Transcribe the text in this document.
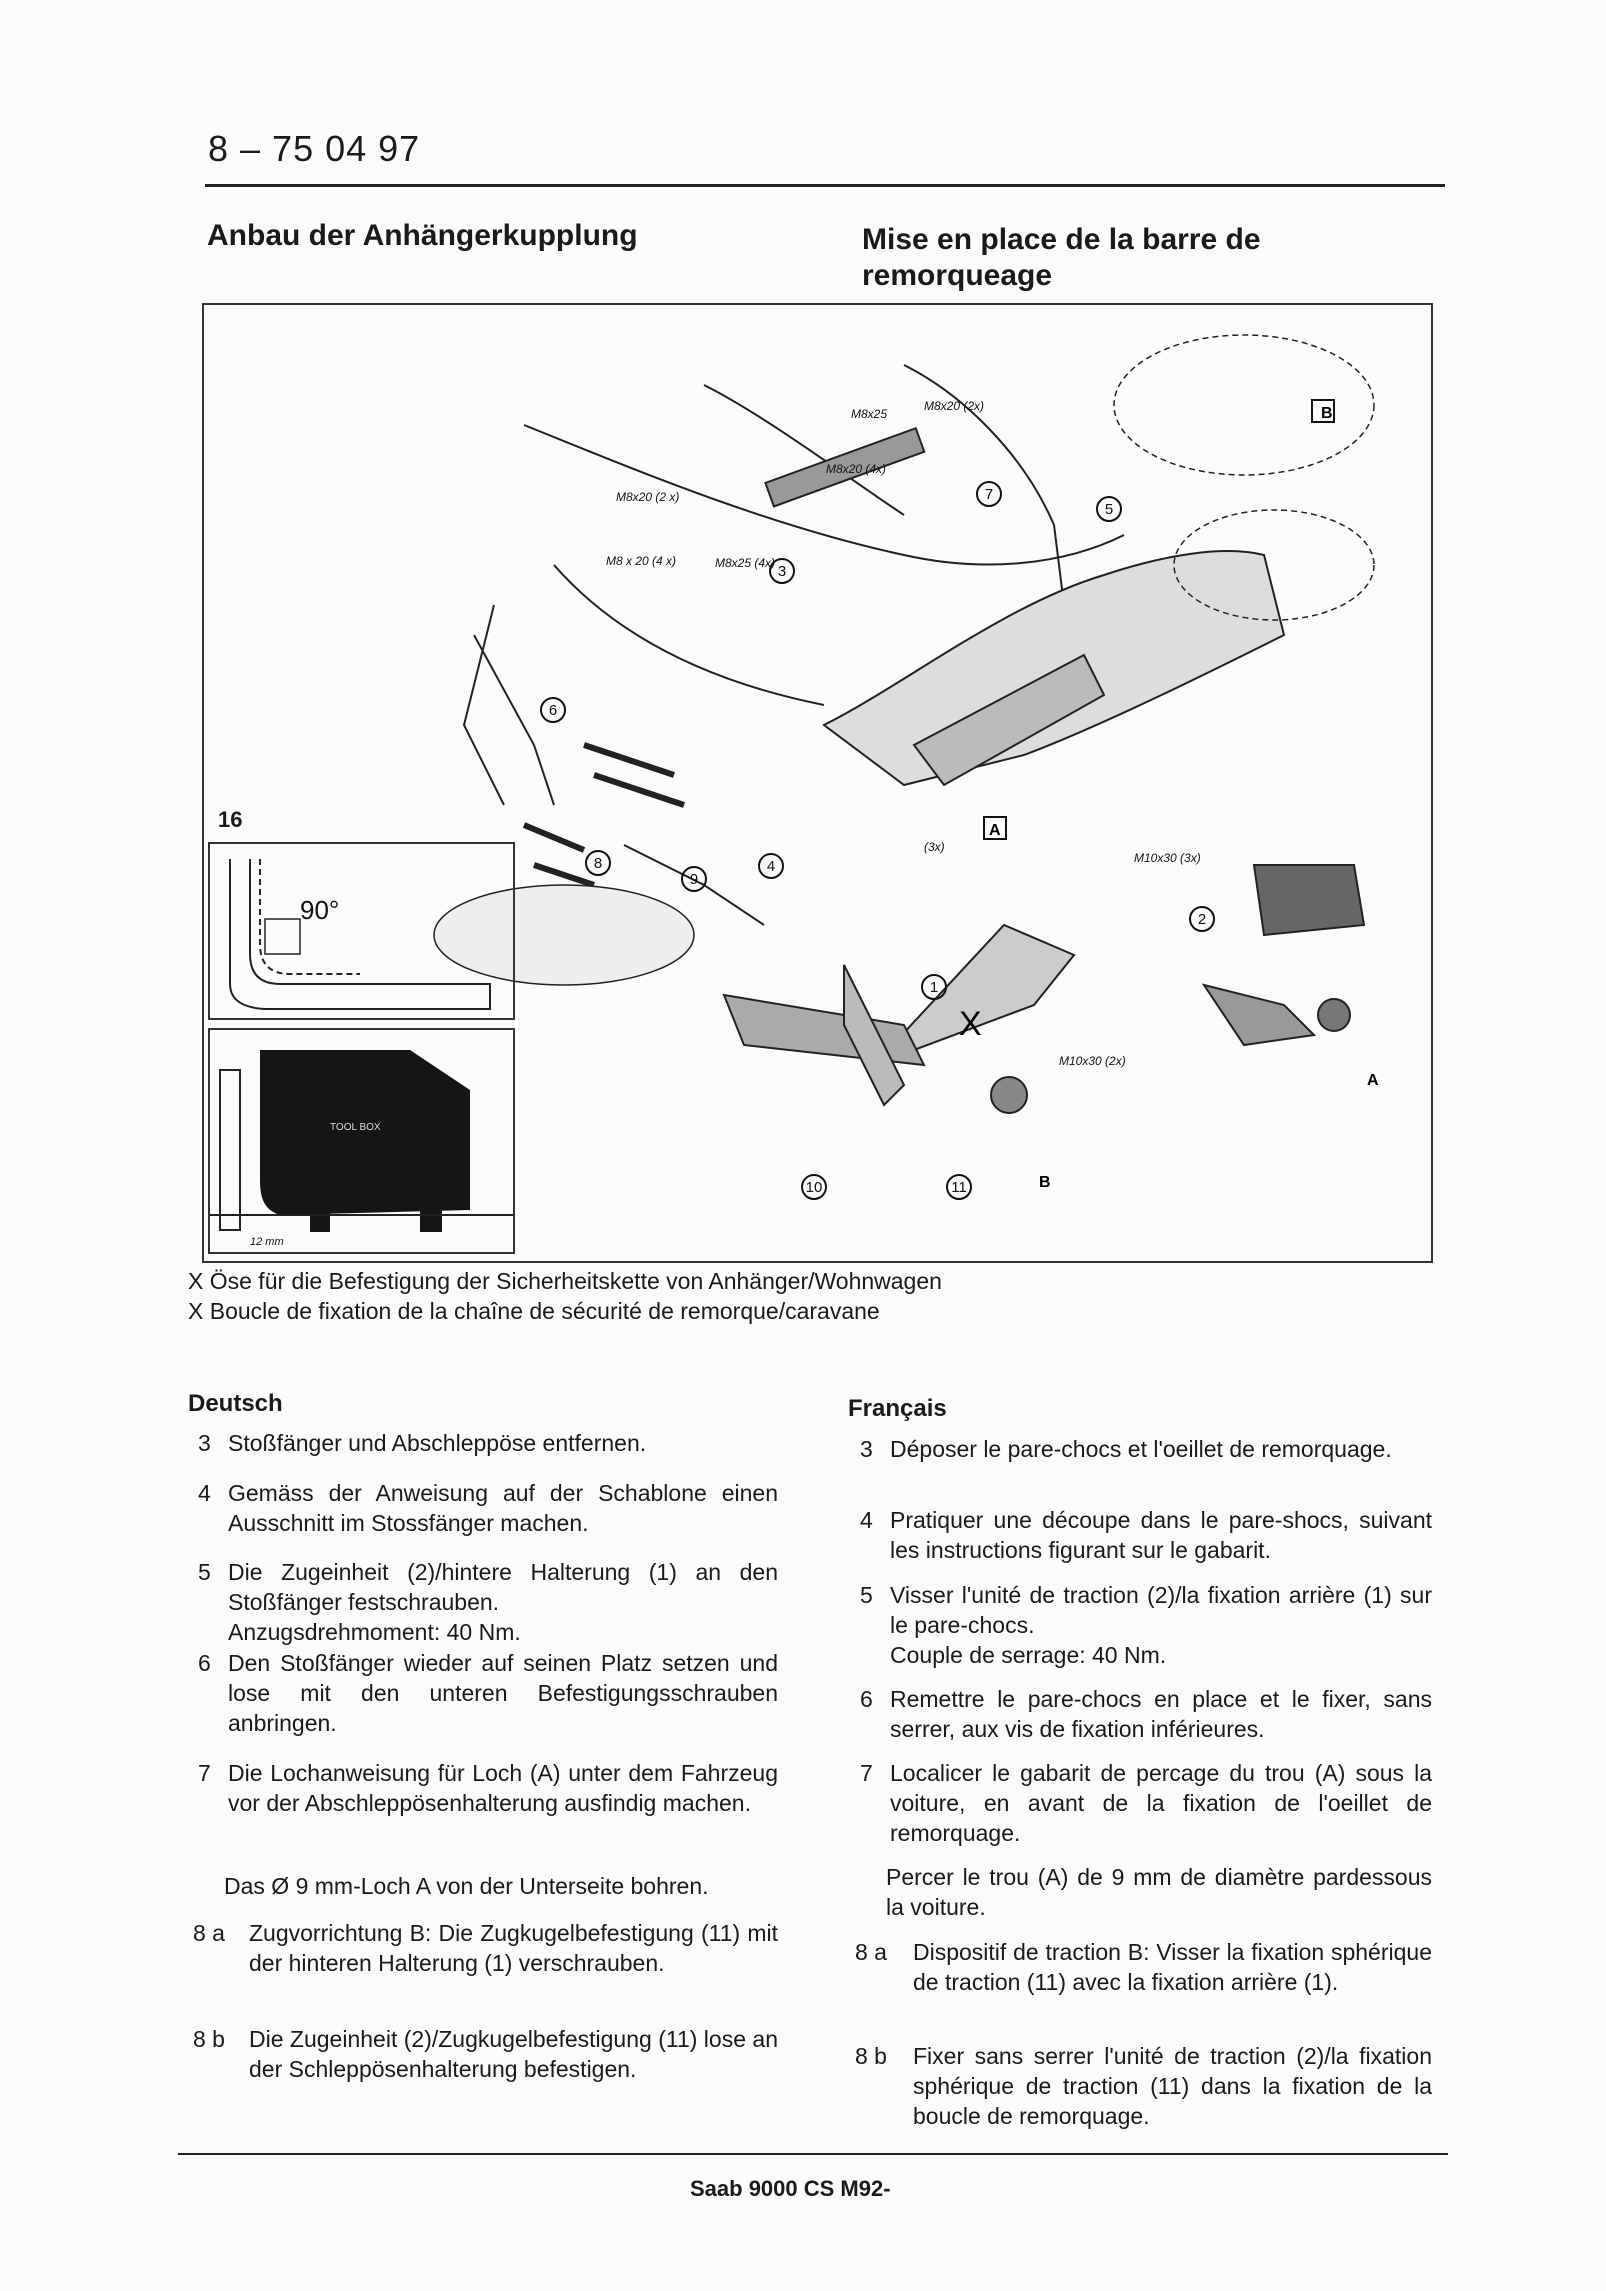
8 – 75 04 97
Anbau der Anhängerkupplung	Mise en place de la barre de remorqueage
M8x25
M8x20 (2x)
M8x20 (4x)
M8x20 (2 x)
M8 x 20 (4 x)	M8x25 (4x)
M10x30 (3x)
M10x30 (2x)
(3x)
1
2
3
4
5
6
7
8
9
10	11
B
A
A
B
X
16
90°
TOOL BOX
12 mm
X Öse für die Befestigung der Sicherheitskette von Anhänger/Wohnwagen
X Boucle de fixation de la chaîne de sécurité de remorque/caravane
Deutsch	Français
3 Stoßfänger und Abschleppöse entfernen.
4 Gemäss der Anweisung auf der Schablone einen Ausschnitt im Stossfänger machen.
5 Die Zugeinheit (2)/hintere Halterung (1) an den Stoßfänger festschrauben.
Anzugsdrehmoment: 40 Nm.
6 Den Stoßfänger wieder auf seinen Platz setzen und lose mit den unteren Befestigungsschrauben anbringen.
7 Die Lochanweisung für Loch (A) unter dem Fahrzeug vor der Abschleppösenhalterung ausfindig machen.
Das Ø 9 mm-Loch A von der Unterseite bohren.
8 a Zugvorrichtung B: Die Zugkugelbefestigung (11) mit der hinteren Halterung (1) verschrauben.
8 b Die Zugeinheit (2)/Zugkugelbefestigung (11) lose an der Schleppösenhalterung befestigen.
3 Déposer le pare-chocs et l'oeillet de remorquage.
4 Pratiquer une découpe dans le pare-shocs, suivant les instructions figurant sur le gabarit.
5 Visser l'unité de traction (2)/la fixation arrière (1) sur le pare-chocs.
Couple de serrage: 40 Nm.
6 Remettre le pare-chocs en place et le fixer, sans serrer, aux vis de fixation inférieures.
7 Localicer le gabarit de percage du trou (A) sous la voiture, en avant de la fixation de l'oeillet de remorquage.
Percer le trou (A) de 9 mm de diamètre pardessous la voiture.
8 a Dispositif de traction B: Visser la fixation sphérique de traction (11) avec la fixation arrière (1).
8 b Fixer sans serrer l'unité de traction (2)/la fixation sphérique de traction (11) dans la fixation de la boucle de remorquage.
Saab 9000 CS M92-
